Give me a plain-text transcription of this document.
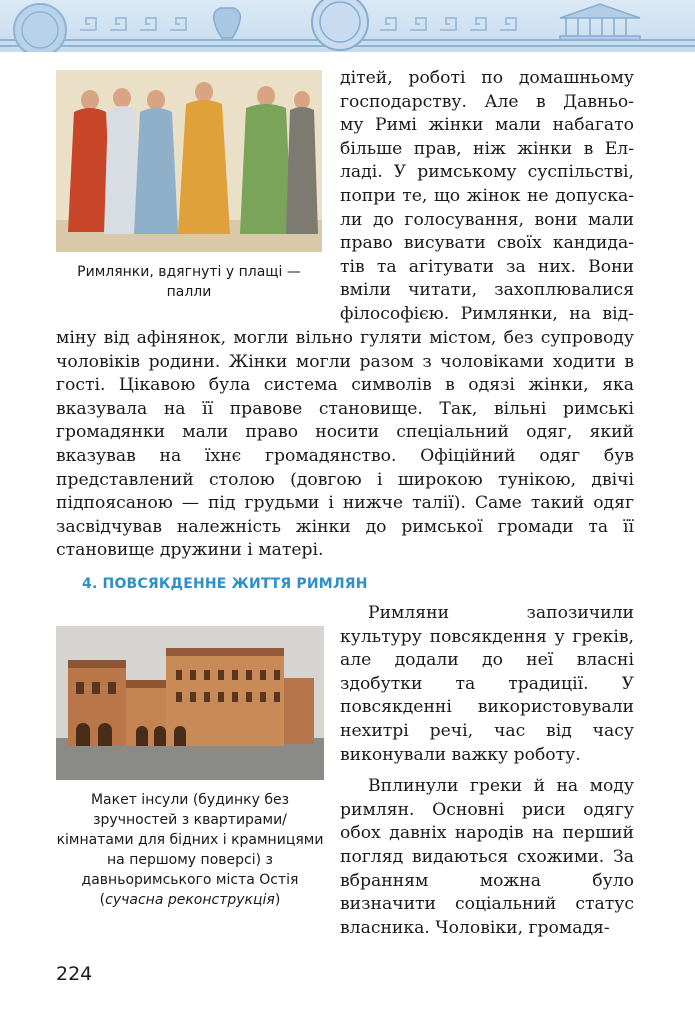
Римлянки, вдягнуті у плащі — палли
дітей, роботі по домашньому
господарству. Але в Давньо-
му Римі жінки мали набагато
більше прав, ніж жінки в Ел-
ладі. У римському суспільстві,
попри те, що жінок не допуска-
ли до голосування, вони мали
право висувати своїх кандида-
тів та агітувати за них. Вони
вміли читати, захоплювалися
філософією. Римлянки, на від-

міну від афінянок, могли вільно гуляти містом, без супроводу чоловіків родини. Жінки могли разом з чоловіками ходити в гості. Цікавою була система символів в одязі жінки, яка вказувала на її правове становище. Так, вільні римські громадянки мали право носити спеціальний одяг, який вказував на їхнє громадянство. Офіційний одяг був представлений столою (довгою і широкою тунікою, двічі підпоясаною — під грудьми і нижче талії). Саме такий одяг засвідчував належність жінки до римської громади та її становище дружини і матері.

4. ПОВСЯКДЕННЕ ЖИТТЯ РИМЛЯН
Макет інсули (будинку без зручностей з квартирами/ кімнатами для бідних і крамницями на першому поверсі) з давньоримського міста Остія (сучасна реконструкція)

Римляни запозичили культуру повсякдення у греків, але додали до неї власні здобутки та традиції. У повсякденні використовували нехитрі речі, час від часу виконували важку роботу.

Вплинули греки й на моду римлян. Основні риси одягу обох давніх народів на перший погляд видаються схожими. За вбранням можна було визначити соціальний статус власника. Чоловіки, громадя-

224
